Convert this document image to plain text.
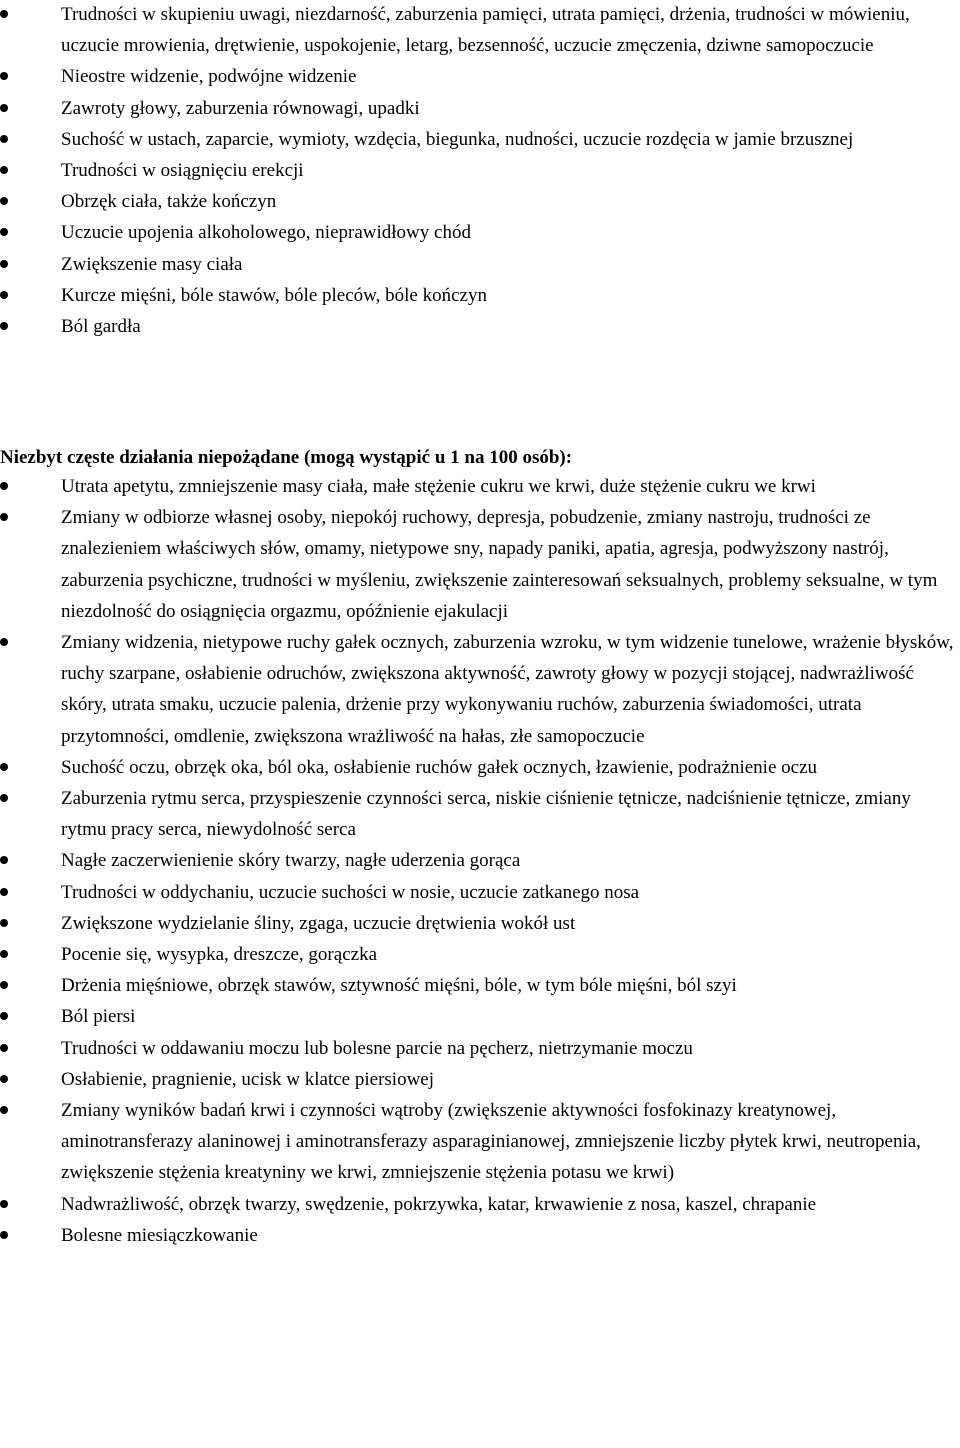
Trudności w skupieniu uwagi, niezdarność, zaburzenia pamięci, utrata pamięci, drżenia, trudności w mówieniu, uczucie mrowienia, drętwienie, uspokojenie, letarg, bezsenność, uczucie zmęczenia, dziwne samopoczucie
Nieostre widzenie, podwójne widzenie
Zawroty głowy, zaburzenia równowagi, upadki
Suchość w ustach, zaparcie, wymioty, wzdęcia, biegunka, nudności, uczucie rozdęcia w jamie brzusznej
Trudności w osiągnięciu erekcji
Obrzęk ciała, także kończyn
Uczucie upojenia alkoholowego, nieprawidłowy chód
Zwiększenie masy ciała
Kurcze mięśni, bóle stawów, bóle pleców, bóle kończyn
Ból gardła
Niezbyt częste działania niepożądane (mogą wystąpić u 1 na 100 osób):
Utrata apetytu, zmniejszenie masy ciała, małe stężenie cukru we krwi, duże stężenie cukru we krwi
Zmiany w odbiorze własnej osoby, niepokój ruchowy, depresja, pobudzenie, zmiany nastroju, trudności ze znalezieniem właściwych słów, omamy, nietypowe sny, napady paniki, apatia, agresja, podwyższony nastrój, zaburzenia psychiczne, trudności w myśleniu, zwiększenie zainteresowań seksualnych, problemy seksualne, w tym niezdolność do osiągnięcia orgazmu, opóźnienie ejakulacji
Zmiany widzenia, nietypowe ruchy gałek ocznych, zaburzenia wzroku, w tym widzenie tunelowe, wrażenie błysków, ruchy szarpane, osłabienie odruchów, zwiększona aktywność, zawroty głowy w pozycji stojącej, nadwrażliwość skóry, utrata smaku, uczucie palenia, drżenie przy wykonywaniu ruchów, zaburzenia świadomości, utrata przytomności, omdlenie, zwiększona wrażliwość na hałas, złe samopoczucie
Suchość oczu, obrzęk oka, ból oka, osłabienie ruchów gałek ocznych, łzawienie, podrażnienie oczu
Zaburzenia rytmu serca, przyspieszenie czynności serca, niskie ciśnienie tętnicze, nadciśnienie tętnicze, zmiany rytmu pracy serca, niewydolność serca
Nagłe zaczerwienienie skóry twarzy, nagłe uderzenia gorąca
Trudności w oddychaniu, uczucie suchości w nosie, uczucie zatkanego nosa
Zwiększone wydzielanie śliny, zgaga, uczucie drętwienia wokół ust
Pocenie się, wysypka, dreszcze, gorączka
Drżenia mięśniowe, obrzęk stawów, sztywność mięśni, bóle, w tym bóle mięśni, ból szyi
Ból piersi
Trudności w oddawaniu moczu lub bolesne parcie na pęcherz, nietrzymanie moczu
Osłabienie, pragnienie, ucisk w klatce piersiowej
Zmiany wyników badań krwi i czynności wątroby (zwiększenie aktywności fosfokinazy kreatynowej, aminotransferazy alaninowej i aminotransferazy asparaginianowej, zmniejszenie liczby płytek krwi, neutropenia, zwiększenie stężenia kreatyniny we krwi, zmniejszenie stężenia potasu we krwi)
Nadwrażliwość, obrzęk twarzy, swędzenie, pokrzywka, katar, krwawienie z nosa, kaszel, chrapanie
Bolesne miesiączkowanie
